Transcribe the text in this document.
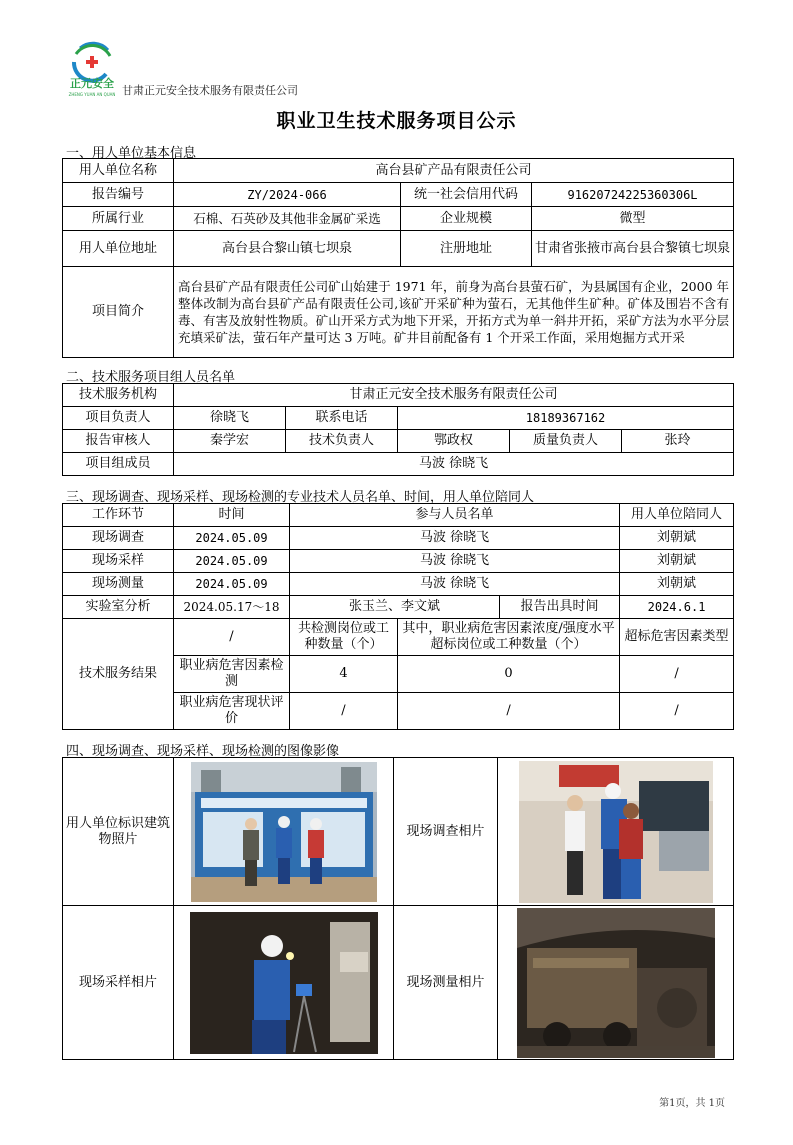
正元安全
ZHENG YUAN AN QUAN 甘肃正元安全技术服务有限责任公司
职业卫生技术服务项目公示
一、用人单位基本信息
用人单位名称	高台县矿产品有限责任公司		
报告编号	ZY/2024-066	统一社会信用代码	91620724225360306L
所属行业	石棉、石英砂及其他非金属矿采选	企业规模	微型
用人单位地址	高台县合黎山镇七坝泉	注册地址	甘肃省张掖市高台县合黎镇七坝泉
项目简介	高台县矿产品有限责任公司矿山始建于 1971 年，前身为高台县萤石矿，为县属国有企业，2000 年整体改制为高台县矿产品有限责任公司,该矿开采矿种为萤石，无其他伴生矿种。矿体及围岩不含有毒、有害及放射性物质。矿山开采方式为地下开采，开拓方式为单一斜井开拓，采矿方法为水平分层充填采矿法，萤石年产量可达 3 万吨。矿井目前配备有 1 个开采工作面，采用炮掘方式开采		
二、技术服务项目组人员名单
技术服务机构	甘肃正元安全技术服务有限责任公司				
项目负责人	徐晓飞	联系电话	18189367162		
报告审核人	秦学宏	技术负责人	鄂政权	质量负责人	张玲
项目组成员	马波 徐晓飞				
三、现场调查、现场采样、现场检测的专业技术人员名单、时间，用人单位陪同人
工作环节	时间	参与人员名单			用人单位陪同人
现场调查	2024.05.09	马波 徐晓飞			刘朝斌
现场采样	2024.05.09	马波 徐晓飞			刘朝斌
现场测量	2024.05.09	马波 徐晓飞			刘朝斌
实验室分析	2024.05.17～18	张玉兰、李文斌		报告出具时间	2024.6.1
技术服务结果	/	共检测岗位或工种数量（个）	其中，职业病危害因素浓度/强度水平超标岗位或工种数量（个）		超标危害因素类型
	职业病危害因素检测	4	0		/
	职业病危害现状评价	/	/		/
四、现场调查、现场采样、现场检测的图像影像
用人单位标识建筑物照片		现场调查相片	

现场采样相片		现场测量相片	
第1页，共 1页
